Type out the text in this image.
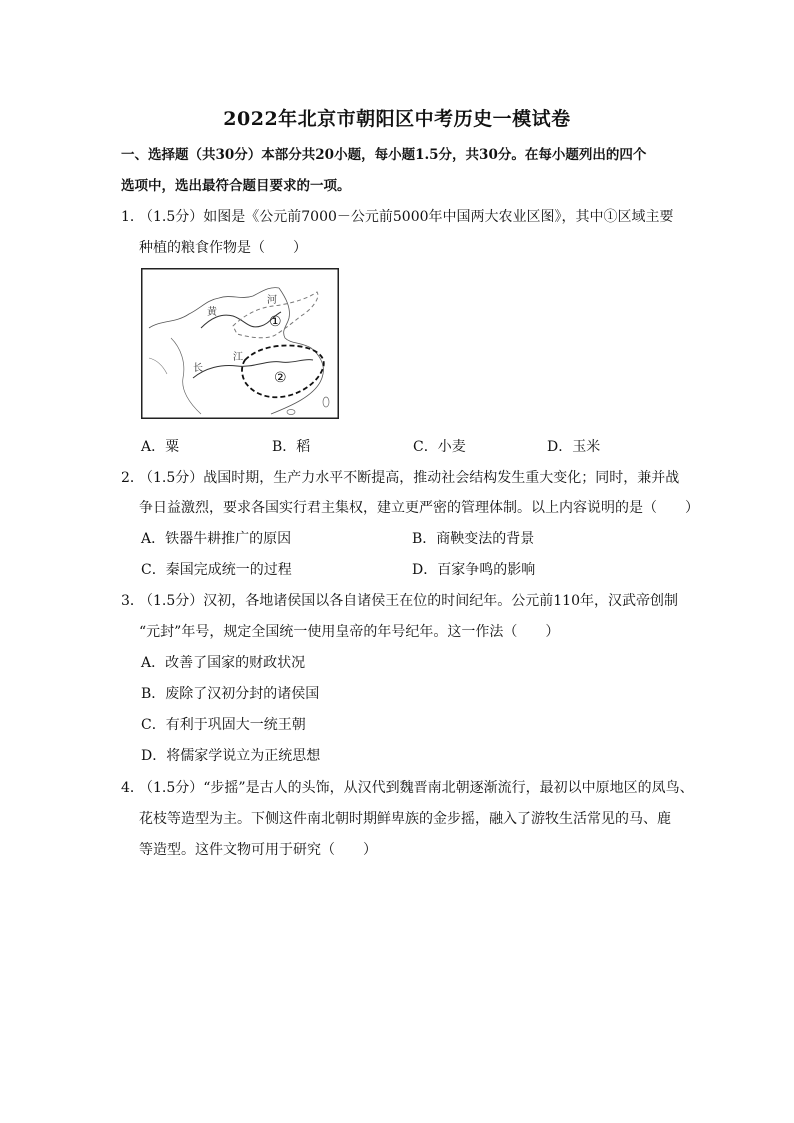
2022年北京市朝阳区中考历史一模试卷
一、选择题（共30分）本部分共20小题，每小题1.5分，共30分。在每小题列出的四个
选项中，选出最符合题目要求的一项。
1．
（1.5分）如图是《公元前7000－公元前5000年中国两大农业区图》，其中①区域主要
种植的粮食作物是（　　）
河
黄
长
江
①
②
A．粟	B．稻	C．小麦	D．玉米
2．
（1.5分）战国时期，生产力水平不断提高，推动社会结构发生重大变化；同时，兼并战
争日益激烈，要求各国实行君主集权，建立更严密的管理体制。以上内容说明的是（　　）
A．铁器牛耕推广的原因	B．商鞅变法的背景
C．秦国完成统一的过程	D．百家争鸣的影响
3．
（1.5分）汉初，各地诸侯国以各自诸侯王在位的时间纪年。公元前110年，汉武帝创制
“元封”年号，规定全国统一使用皇帝的年号纪年。这一作法（　　）
A．改善了国家的财政状况
B．废除了汉初分封的诸侯国
C．有利于巩固大一统王朝
D．将儒家学说立为正统思想
4．
（1.5分）“步摇”是古人的头饰，从汉代到魏晋南北朝逐渐流行，最初以中原地区的凤鸟、
花枝等造型为主。下侧这件南北朝时期鲜卑族的金步摇，融入了游牧生活常见的马、鹿
等造型。这件文物可用于研究（　　）
